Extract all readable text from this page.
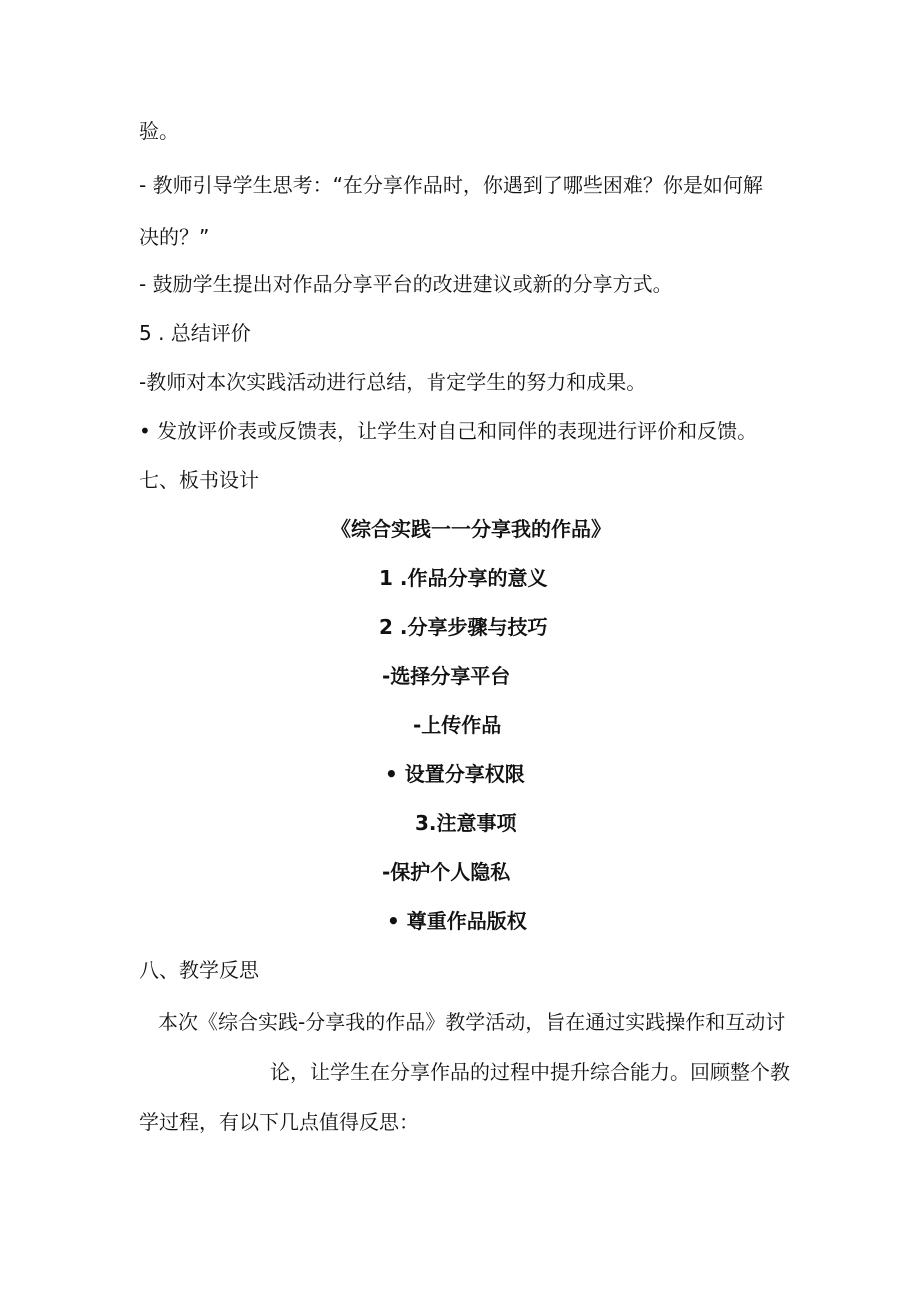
验。
- 教师引导学生思考：“在分享作品时，你遇到了哪些困难？你是如何解
决的？”
- 鼓励学生提出对作品分享平台的改进建议或新的分享方式。
5 . 总结评价
-教师对本次实践活动进行总结，肯定学生的努力和成果。
• 发放评价表或反馈表，让学生对自己和同伴的表现进行评价和反馈。
七、板书设计
《综合实践一一分享我的作品》
1 .作品分享的意义
2 .分享步骤与技巧
-选择分享平台
-上传作品
• 设置分享权限
3.注意事项
-保护个人隐私
• 尊重作品版权
八、教学反思
本次《综合实践-分享我的作品》教学活动，旨在通过实践操作和互动讨
论，让学生在分享作品的过程中提升综合能力。回顾整个教
学过程，有以下几点值得反思：
